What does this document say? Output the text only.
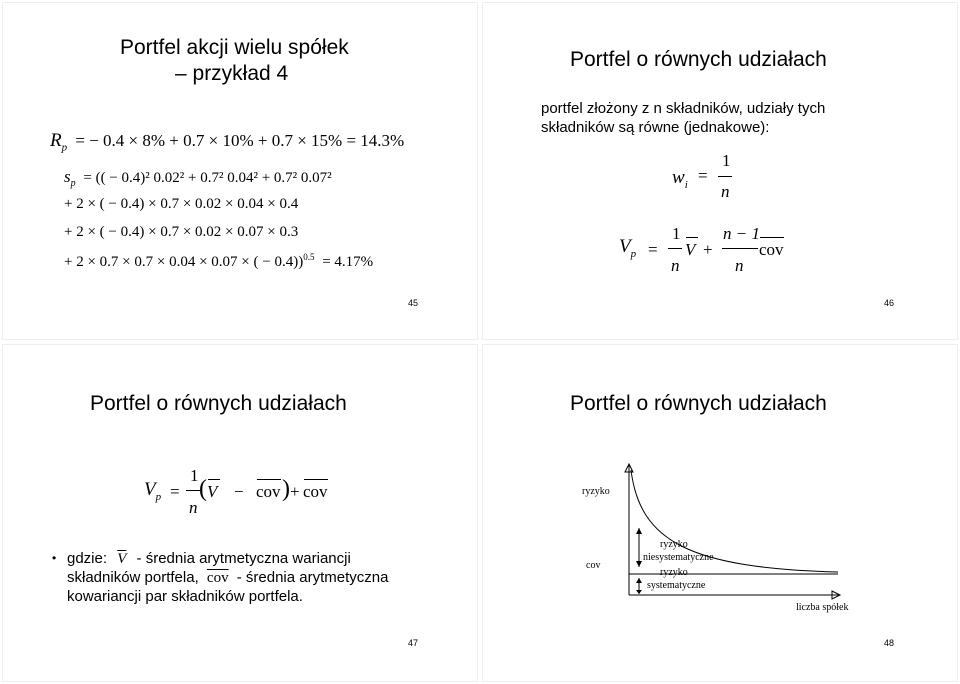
Portfel akcji wielu spółek
– przykład 4
$R_p$ = − 0.4 × 8% + 0.7 × 10% + 0.7 × 15% = 14.3%
$s_p$ = (( − 0.4)² 0.02² + 0.7² 0.04² + 0.7² 0.07²
+ 2 × ( − 0.4) × 0.7 × 0.02 × 0.04 × 0.4
+ 2 × ( − 0.4) × 0.7 × 0.02 × 0.07 × 0.3
+ 2 × 0.7 × 0.7 × 0.04 × 0.07 × ( − 0.4))$^{0.5}$ = 4.17%
45
Portfel o równych udziałach
portfel złożony z n składników, udziały tych składników są równe (jednakowe):
$w_i$ =
1
n
$V_p$ =
1
n
V +
n − 1
n
cov
46
Portfel o równych udziałach
$V_p$ =
1
n
( V − cov ) + cov
• gdzie: $\overline{V}$ - średnia arytmetyczna wariancji
składników portfela, $\overline{cov}$ - średnia arytmetyczna
kowariancji par składników portfela.
47
Portfel o równych udziałach
ryzyko
cov
ryzyko
niesystematyczne
ryzyko
systematyczne
liczba spółek
48
